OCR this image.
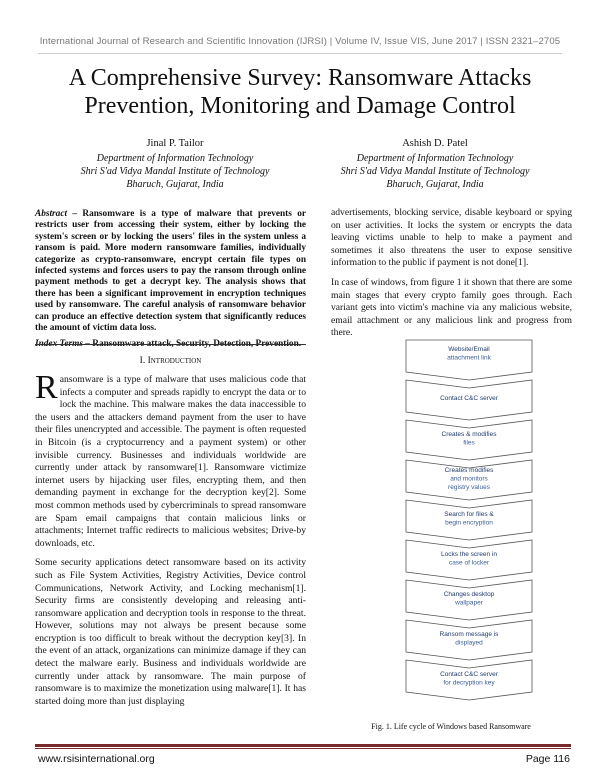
International Journal of Research and Scientific Innovation (IJRSI) | Volume IV, Issue VIS, June 2017 | ISSN 2321–2705
A Comprehensive Survey: Ransomware Attacks
Prevention, Monitoring and Damage Control
Jinal P. Tailor
Department of Information Technology
Shri S'ad Vidya Mandal Institute of Technology
Bharuch, Gujarat, India
Ashish D. Patel
Department of Information Technology
Shri S'ad Vidya Mandal Institute of Technology
Bharuch, Gujarat, India

Abstract – Ransomware is a type of malware that prevents or restricts user from accessing their system, either by locking the system's screen or by locking the users' files in the system unless a ransom is paid. More modern ransomware families, individually categorize as crypto-ransomware, encrypt certain file types on infected systems and forces users to pay the ransom through online payment methods to get a decrypt key. The analysis shows that there has been a significant improvement in encryption techniques used by ransomware. The careful analysis of ransomware behavior can produce an effective detection system that significantly reduces the amount of victim data loss.

Index Terms – Ransomware attack, Security, Detection, Prevention.

I. Introduction

Ransomware is a type of malware that uses malicious code that infects a computer and spreads rapidly to encrypt the data or to lock the machine. This malware makes the data inaccessible to the users and the attackers demand payment from the user to have their files unencrypted and accessible. The payment is often requested in Bitcoin (is a cryptocurrency and a payment system) or other invisible currency. Businesses and individuals worldwide are currently under attack by ransomware[1]. Ransomware victimize internet users by hijacking user files, encrypting them, and then demanding payment in exchange for the decryption key[2]. Some most common methods used by cybercriminals to spread ransomware are Spam email campaigns that contain malicious links or attachments; Internet traffic redirects to malicious websites; Drive-by downloads, etc.

Some security applications detect ransomware based on its activity such as File System Activities, Registry Activities, Device control Communications, Network Activity, and Locking mechanism[1]. Security firms are consistently developing and releasing anti-ransomware application and decryption tools in response to the threat. However, solutions may not always be present because some encryption is too difficult to break without the decryption key[3]. In the event of an attack, organizations can minimize damage if they can detect the malware early. Business and individuals worldwide are currently under attack by ransomware. The main purpose of ransomware is to maximize the monetization using malware[1]. It has started doing more than just displaying

advertisements, blocking service, disable keyboard or spying on user activities. It locks the system or encrypts the data leaving victims unable to help to make a payment and sometimes it also threatens the user to expose sensitive information to the public if payment is not done[1].

In case of windows, from figure 1 it shown that there are some main stages that every crypto family goes through. Each variant gets into victim's machine via any malicious website, email attachment or any malicious link and progress from there.

Website/Email
attachment link
Contact C&C server
Creates & modifies
files
Creates modifies
and monitors
registry values
Search for files &
begin encryption
Locks the screen in
case of locker
Changes desktop
wallpaper
Ransom message is
displayed
Contact C&C server
for decryption key
Fig. 1. Life cycle of Windows based Ransomware
www.rsisinternational.org	Page 116
